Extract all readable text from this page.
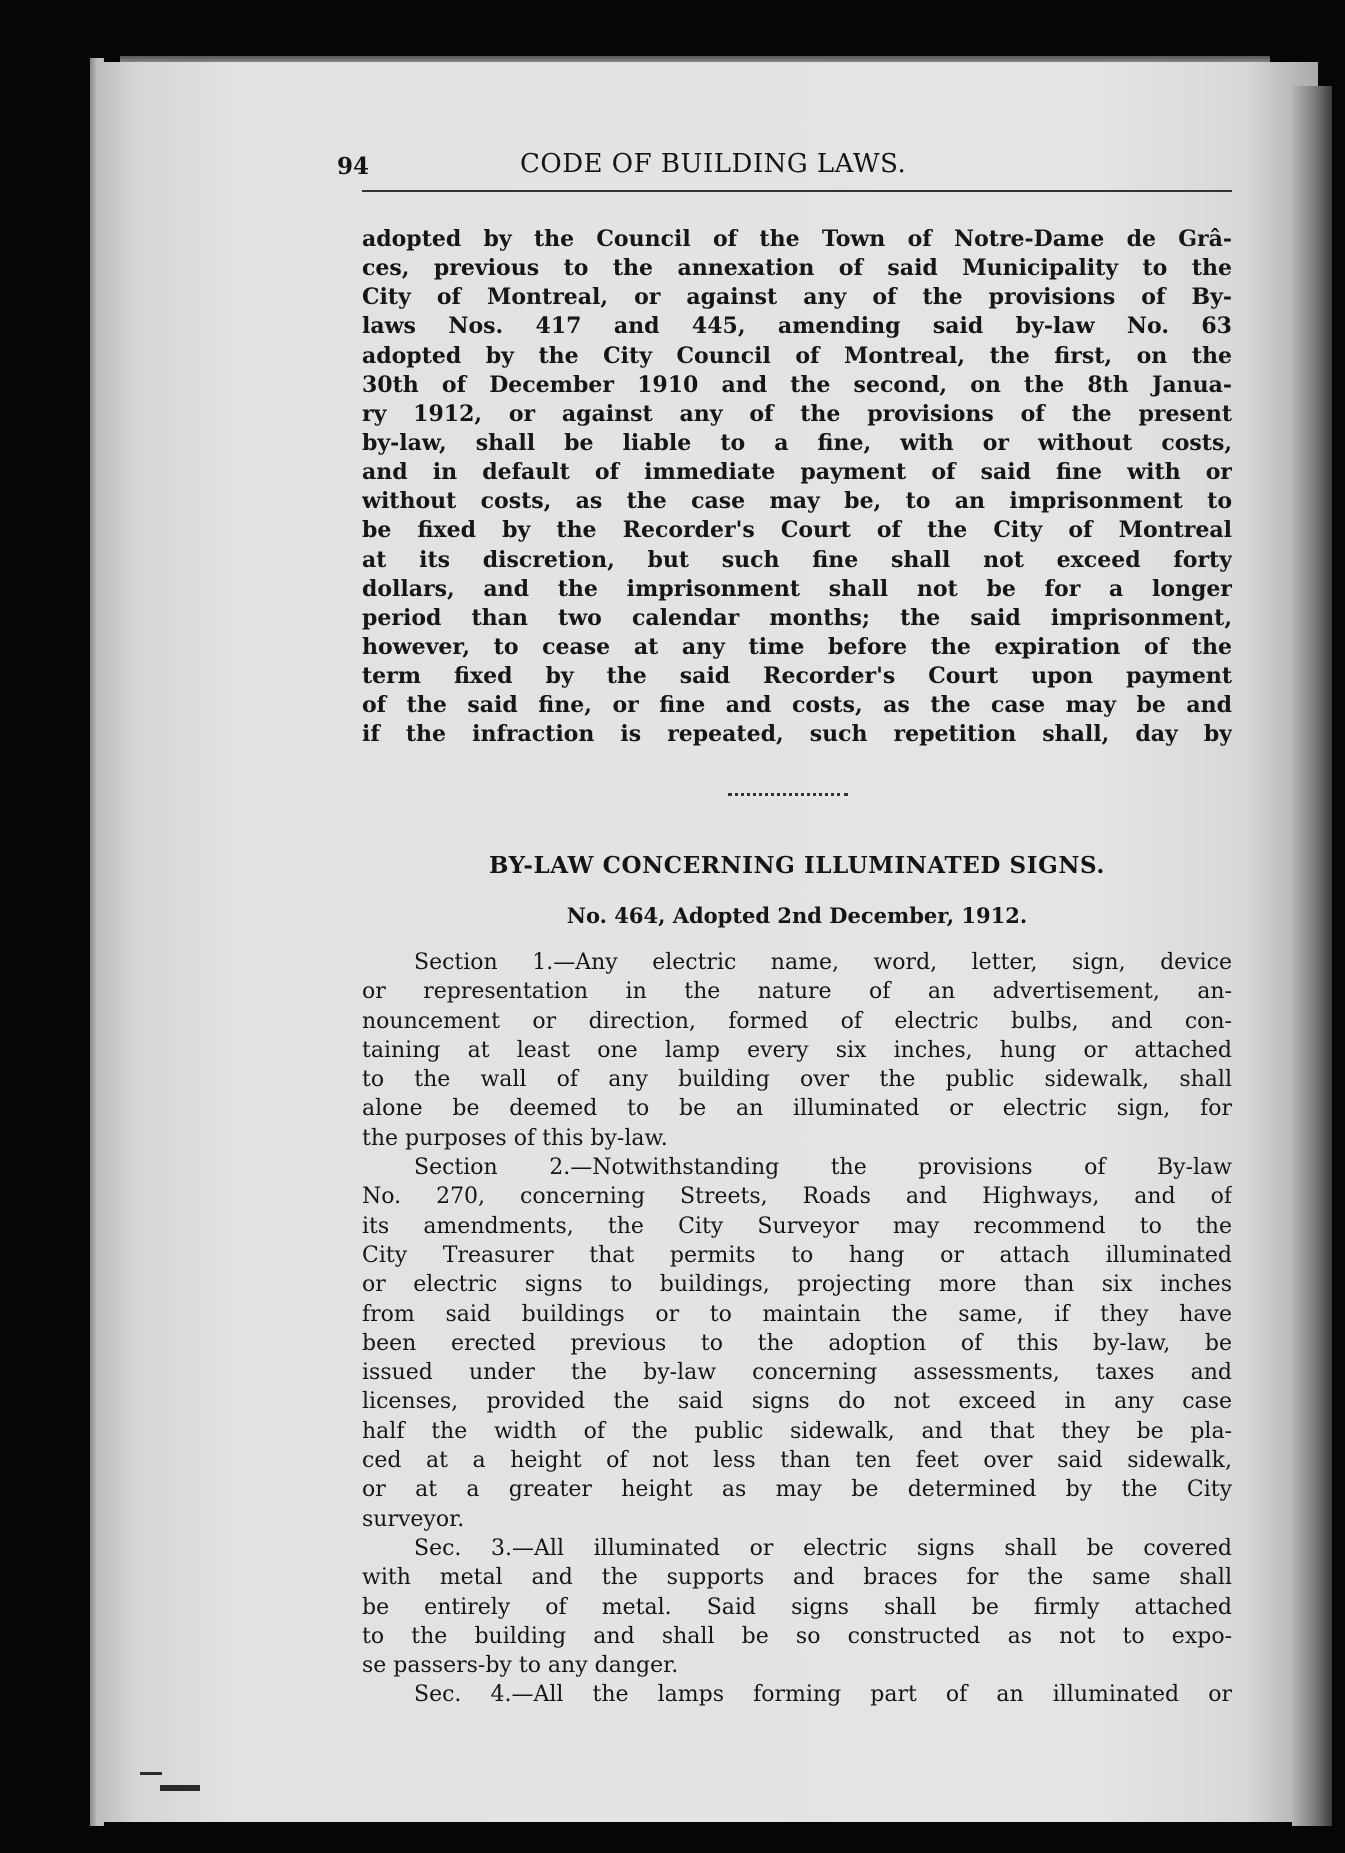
94	CODE OF BUILDING LAWS.
adopted by the Council of the Town of Notre-Dame de Grâ-
ces, previous to the annexation of said Municipality to the
City of Montreal, or against any of the provisions of By-
laws Nos. 417 and 445, amending said by-law No. 63
adopted by the City Council of Montreal, the first, on the
30th of December 1910 and the second, on the 8th Janua-
ry 1912, or against any of the provisions of the present
by-law, shall be liable to a fine, with or without costs,
and in default of immediate payment of said fine with or
without costs, as the case may be, to an imprisonment to
be fixed by the Recorder's Court of the City of Montreal
at its discretion, but such fine shall not exceed forty
dollars, and the imprisonment shall not be for a longer
period than two calendar months; the said imprisonment,
however, to cease at any time before the expiration of the
term fixed by the said Recorder's Court upon payment
of the said fine, or fine and costs, as the case may be and
if the infraction is repeated, such repetition shall, day by
BY-LAW CONCERNING ILLUMINATED SIGNS.
No. 464, Adopted 2nd December, 1912.
Section 1.—Any electric name, word, letter, sign, device
or representation in the nature of an advertisement, an-
nouncement or direction, formed of electric bulbs, and con-
taining at least one lamp every six inches, hung or attached
to the wall of any building over the public sidewalk, shall
alone be deemed to be an illuminated or electric sign, for
the purposes of this by-law.
Section 2.—Notwithstanding the provisions of By-law
No. 270, concerning Streets, Roads and Highways, and of
its amendments, the City Surveyor may recommend to the
City Treasurer that permits to hang or attach illuminated
or electric signs to buildings, projecting more than six inches
from said buildings or to maintain the same, if they have
been erected previous to the adoption of this by-law, be
issued under the by-law concerning assessments, taxes and
licenses, provided the said signs do not exceed in any case
half the width of the public sidewalk, and that they be pla-
ced at a height of not less than ten feet over said sidewalk,
or at a greater height as may be determined by the City
surveyor.
Sec. 3.—All illuminated or electric signs shall be covered
with metal and the supports and braces for the same shall
be entirely of metal. Said signs shall be firmly attached
to the building and shall be so constructed as not to expo-
se passers-by to any danger.
Sec. 4.—All the lamps forming part of an illuminated or
